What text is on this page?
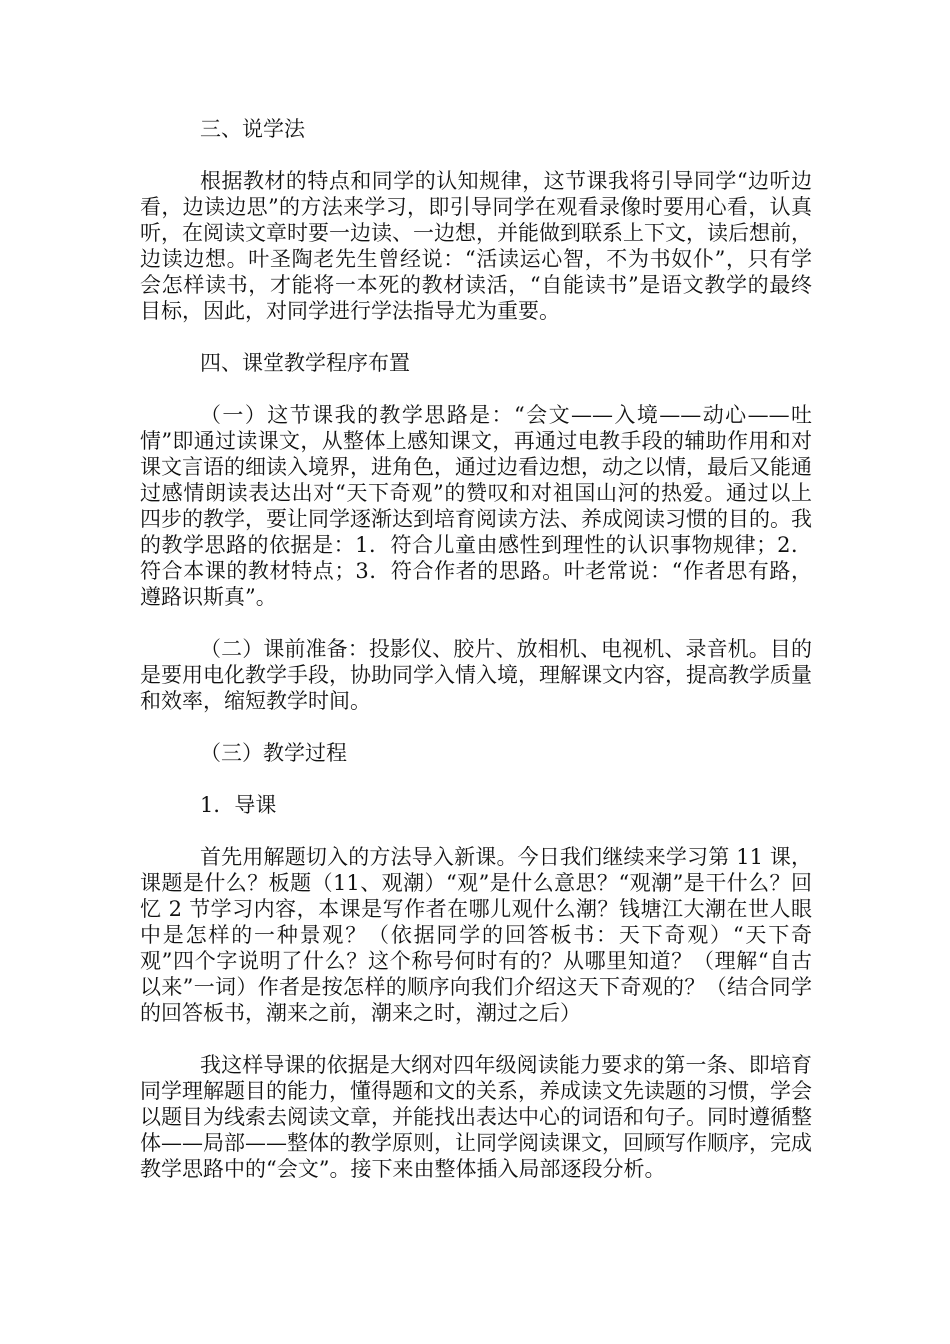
三、说学法

根据教材的特点和同学的认知规律，这节课我将引导同学“边听边看，边读边思”的方法来学习，即引导同学在观看录像时要用心看，认真听，在阅读文章时要一边读、一边想，并能做到联系上下文，读后想前，边读边想。叶圣陶老先生曾经说：“活读运心智，不为书奴仆”，只有学会怎样读书，才能将一本死的教材读活，“自能读书”是语文教学的最终目标，因此，对同学进行学法指导尤为重要。

四、课堂教学程序布置

（一）这节课我的教学思路是：“会文——入境——动心——吐情”即通过读课文，从整体上感知课文，再通过电教手段的辅助作用和对课文言语的细读入境界，进角色，通过边看边想，动之以情，最后又能通过感情朗读表达出对“天下奇观”的赞叹和对祖国山河的热爱。通过以上四步的教学，要让同学逐渐达到培育阅读方法、养成阅读习惯的目的。我的教学思路的依据是：1．符合儿童由感性到理性的认识事物规律；2．符合本课的教材特点；3．符合作者的思路。叶老常说：“作者思有路，遵路识斯真”。

（二）课前准备：投影仪、胶片、放相机、电视机、录音机。目的是要用电化教学手段，协助同学入情入境，理解课文内容，提高教学质量和效率，缩短教学时间。

（三）教学过程

1．导课

首先用解题切入的方法导入新课。今日我们继续来学习第 11 课，课题是什么？板题（11、观潮）“观”是什么意思？“观潮”是干什么？回忆 2 节学习内容，本课是写作者在哪儿观什么潮？钱塘江大潮在世人眼中是怎样的一种景观？（依据同学的回答板书：天下奇观）“天下奇观”四个字说明了什么？这个称号何时有的？从哪里知道？（理解“自古以来”一词）作者是按怎样的顺序向我们介绍这天下奇观的？（结合同学的回答板书，潮来之前，潮来之时，潮过之后）

我这样导课的依据是大纲对四年级阅读能力要求的第一条、即培育同学理解题目的能力，懂得题和文的关系，养成读文先读题的习惯，学会以题目为线索去阅读文章，并能找出表达中心的词语和句子。同时遵循整体——局部——整体的教学原则，让同学阅读课文，回顾写作顺序，完成教学思路中的“会文”。接下来由整体插入局部逐段分析。
